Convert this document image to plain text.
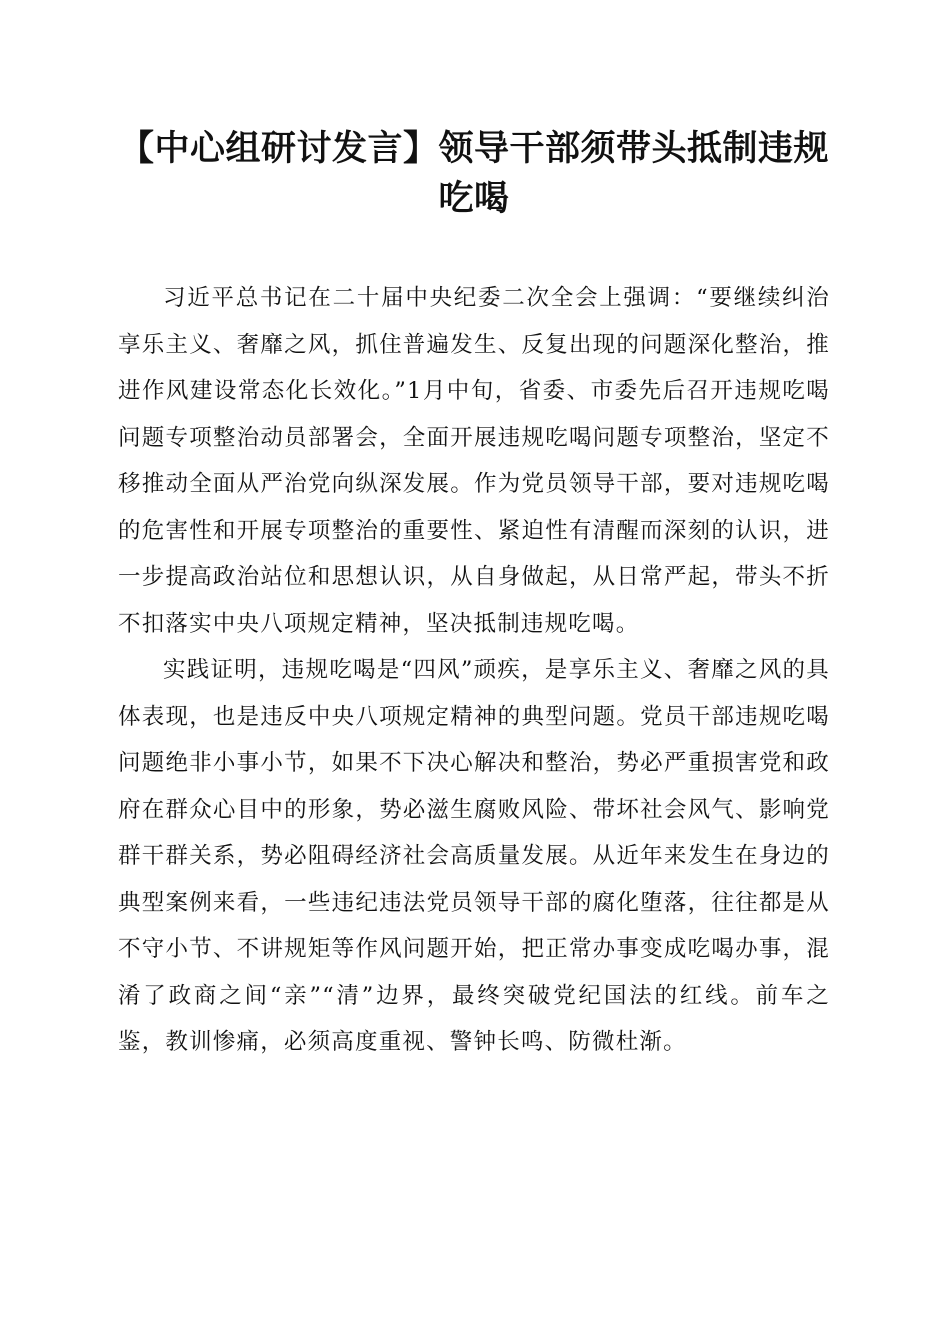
【中心组研讨发言】领导干部须带头抵制违规吃喝

习近平总书记在二十届中央纪委二次全会上强调：“要继续纠治享乐主义、奢靡之风，抓住普遍发生、反复出现的问题深化整治，推进作风建设常态化长效化。”1月中旬，省委、市委先后召开违规吃喝问题专项整治动员部署会，全面开展违规吃喝问题专项整治，坚定不移推动全面从严治党向纵深发展。作为党员领导干部，要对违规吃喝的危害性和开展专项整治的重要性、紧迫性有清醒而深刻的认识，进一步提高政治站位和思想认识，从自身做起，从日常严起，带头不折不扣落实中央八项规定精神，坚决抵制违规吃喝。

实践证明，违规吃喝是“四风”顽疾，是享乐主义、奢靡之风的具体表现，也是违反中央八项规定精神的典型问题。党员干部违规吃喝问题绝非小事小节，如果不下决心解决和整治，势必严重损害党和政府在群众心目中的形象，势必滋生腐败风险、带坏社会风气、影响党群干群关系，势必阻碍经济社会高质量发展。从近年来发生在身边的典型案例来看，一些违纪违法党员领导干部的腐化堕落，往往都是从不守小节、不讲规矩等作风问题开始，把正常办事变成吃喝办事，混淆了政商之间“亲”“清”边界，最终突破党纪国法的红线。前车之鉴，教训惨痛，必须高度重视、警钟长鸣、防微杜渐。
